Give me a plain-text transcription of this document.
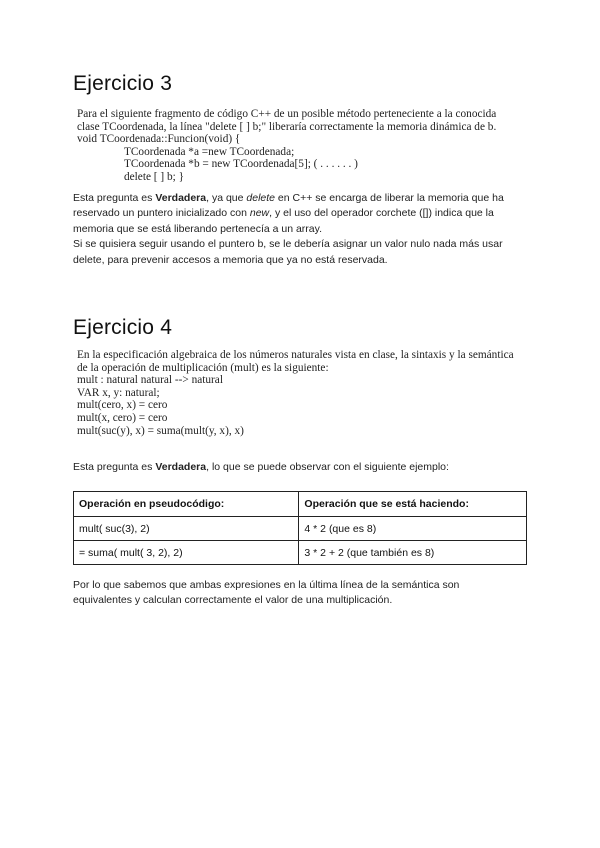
Ejercicio 3
Para el siguiente fragmento de código C++ de un posible método perteneciente a la conocida
clase TCoordenada, la línea "delete [ ] b;" liberaría correctamente la memoria dinámica de b.
void TCoordenada::Funcion(void) {
TCoordenada *a =new TCoordenada;
TCoordenada *b = new TCoordenada[5]; ( . . . . . . )
delete [ ] b; }
Esta pregunta es Verdadera, ya que delete en C++ se encarga de liberar la memoria que ha
reservado un puntero inicializado con new, y el uso del operador corchete ([]) indica que la
memoria que se está liberando pertenecía a un array.
Si se quisiera seguir usando el puntero b, se le debería asignar un valor nulo nada más usar
delete, para prevenir accesos a memoria que ya no está reservada.
Ejercicio 4
En la especificación algebraica de los números naturales vista en clase, la sintaxis y la semántica
de la operación de multiplicación (mult) es la siguiente:
mult : natural natural --> natural
VAR x, y: natural;
mult(cero, x) = cero
mult(x, cero) = cero
mult(suc(y), x) = suma(mult(y, x), x)
Esta pregunta es Verdadera, lo que se puede observar con el siguiente ejemplo:
Operación en pseudocódigo:	Operación que se está haciendo:
mult( suc(3), 2)	4 * 2 (que es 8)
= suma( mult( 3, 2), 2)	3 * 2 + 2 (que también es 8)
Por lo que sabemos que ambas expresiones en la última línea de la semántica son
equivalentes y calculan correctamente el valor de una multiplicación.
